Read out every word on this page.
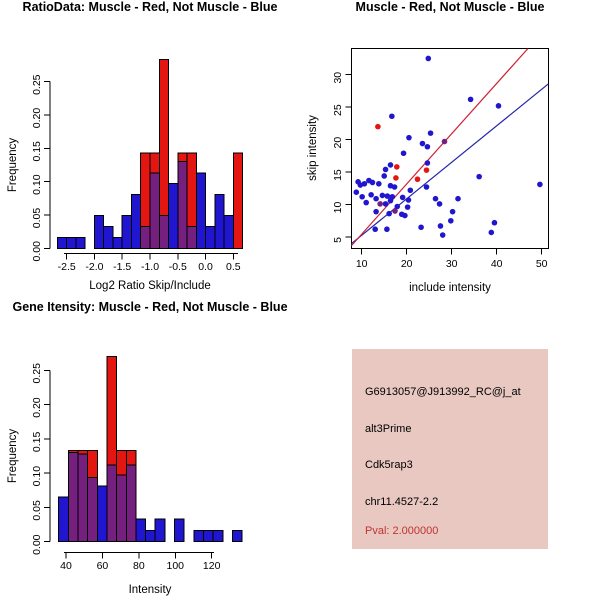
0.00
0.05
0.10
0.15
0.20
0.25
-2.5 -2.0 -1.5 -1.0 -0.5 0.0 0.5
RatioData: Muscle - Red, Not Muscle - Blue
Frequency
Log2 Ratio Skip/Include
10	20	30	40	50
5
10
15
20
25
30
Muscle - Red, Not Muscle - Blue
skip intensity
include intensity
0.00
0.05
0.10
0.15
0.20
0.25
40 60 80 100 120
Gene Itensity: Muscle - Red, Not Muscle - Blue
Frequency
Intensity
G6913057@J913992_RC@j_at
alt3Prime
Cdk5rap3
chr11.4527-2.2
Pval: 2.000000
